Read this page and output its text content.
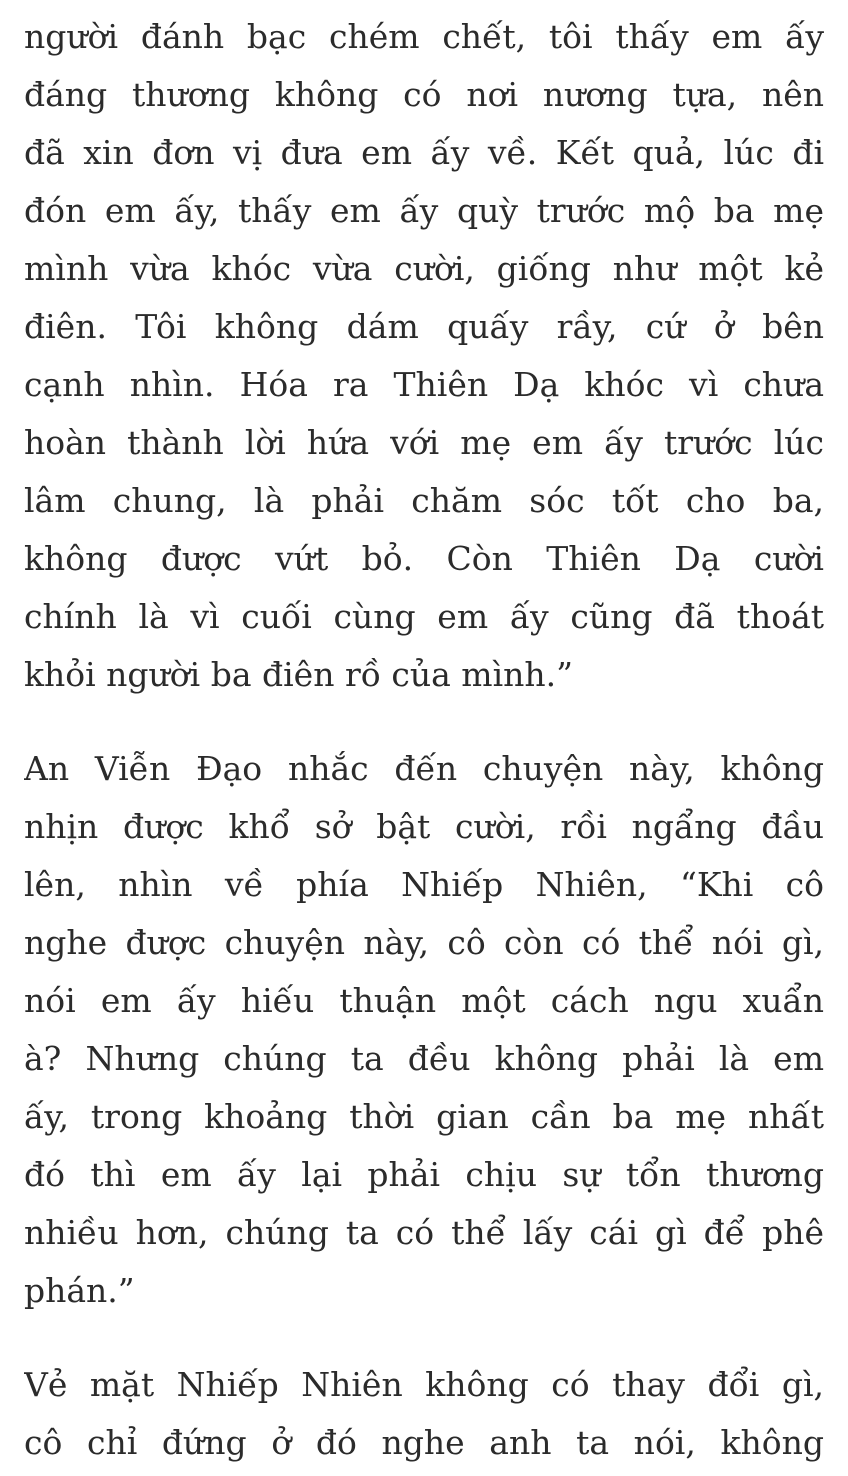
người đánh bạc chém chết, tôi thấy em ấy
đáng thương không có nơi nương tựa, nên
đã xin đơn vị đưa em ấy về. Kết quả, lúc đi
đón em ấy, thấy em ấy quỳ trước mộ ba mẹ
mình vừa khóc vừa cười, giống như một kẻ
điên. Tôi không dám quấy rầy, cứ ở bên
cạnh nhìn. Hóa ra Thiên Dạ khóc vì chưa
hoàn thành lời hứa với mẹ em ấy trước lúc
lâm chung, là phải chăm sóc tốt cho ba,
không được vứt bỏ. Còn Thiên Dạ cười
chính là vì cuối cùng em ấy cũng đã thoát
khỏi người ba điên rồ của mình.”
An Viễn Đạo nhắc đến chuyện này, không
nhịn được khổ sở bật cười, rồi ngẩng đầu
lên, nhìn về phía Nhiếp Nhiên, “Khi cô
nghe được chuyện này, cô còn có thể nói gì,
nói em ấy hiếu thuận một cách ngu xuẩn
à? Nhưng chúng ta đều không phải là em
ấy, trong khoảng thời gian cần ba mẹ nhất
đó thì em ấy lại phải chịu sự tổn thương
nhiều hơn, chúng ta có thể lấy cái gì để phê
phán.”
Vẻ mặt Nhiếp Nhiên không có thay đổi gì,
cô chỉ đứng ở đó nghe anh ta nói, không
